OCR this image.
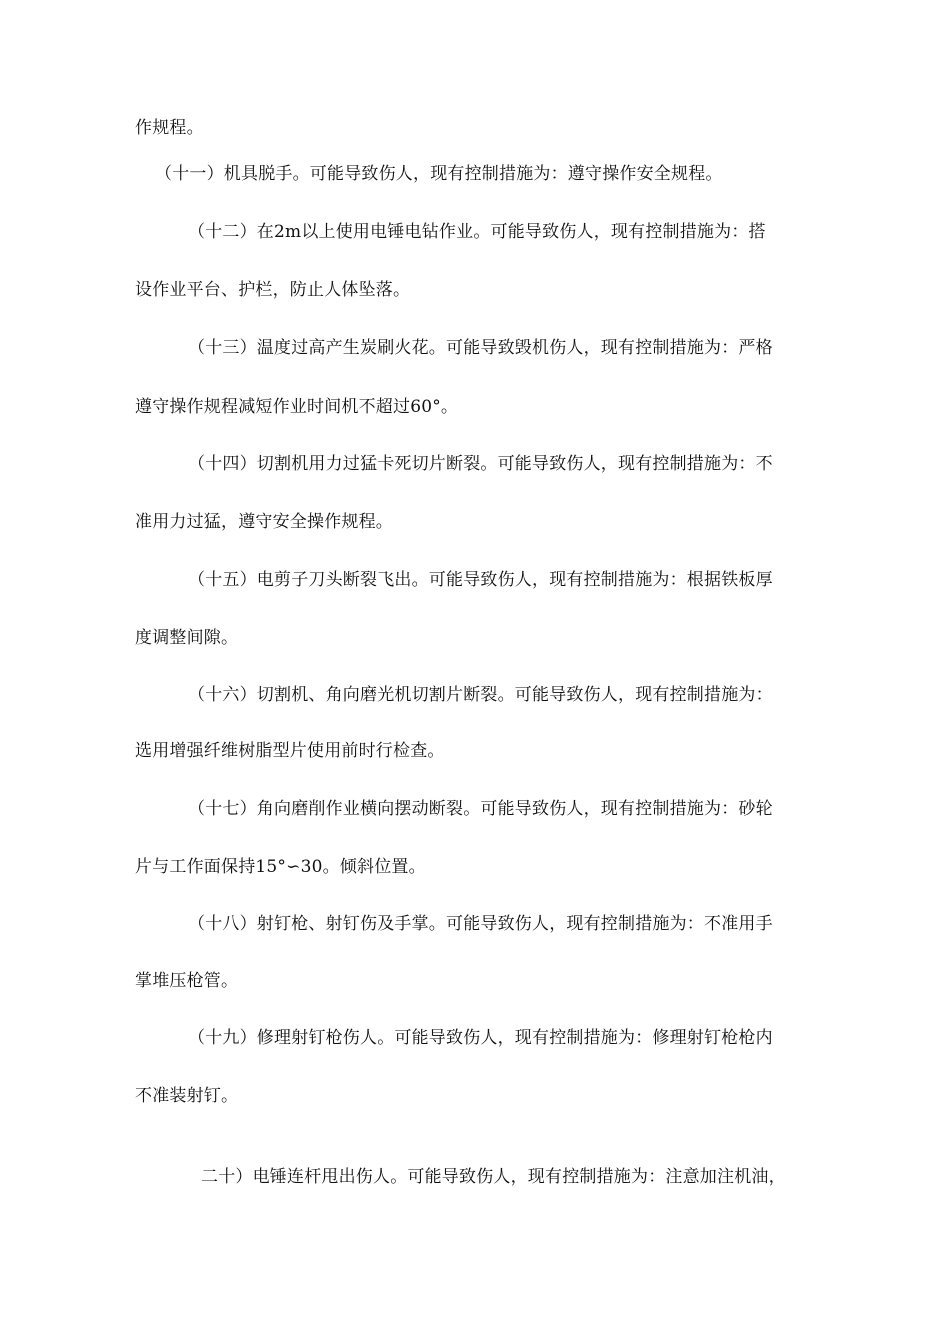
作规程。
（十一）机具脱手。可能导致伤人，现有控制措施为：遵守操作安全规程。
（十二）在2m以上使用电锤电钻作业。可能导致伤人，现有控制措施为：搭
设作业平台、护栏，防止人体坠落。
（十三）温度过高产生炭刷火花。可能导致毁机伤人，现有控制措施为：严格
遵守操作规程减短作业时间机不超过60°。
（十四）切割机用力过猛卡死切片断裂。可能导致伤人，现有控制措施为：不
准用力过猛，遵守安全操作规程。
（十五）电剪子刀头断裂飞出。可能导致伤人，现有控制措施为：根据铁板厚
度调整间隙。
（十六）切割机、角向磨光机切割片断裂。可能导致伤人，现有控制措施为：
选用增强纤维树脂型片使用前时行检查。
（十七）角向磨削作业横向摆动断裂。可能导致伤人，现有控制措施为：砂轮
片与工作面保持15°∽30。倾斜位置。
（十八）射钉枪、射钉伤及手掌。可能导致伤人，现有控制措施为：不准用手
掌堆压枪管。
（十九）修理射钉枪伤人。可能导致伤人，现有控制措施为：修理射钉枪枪内
不准装射钉。
二十）电锤连杆甩出伤人。可能导致伤人，现有控制措施为：注意加注机油，
